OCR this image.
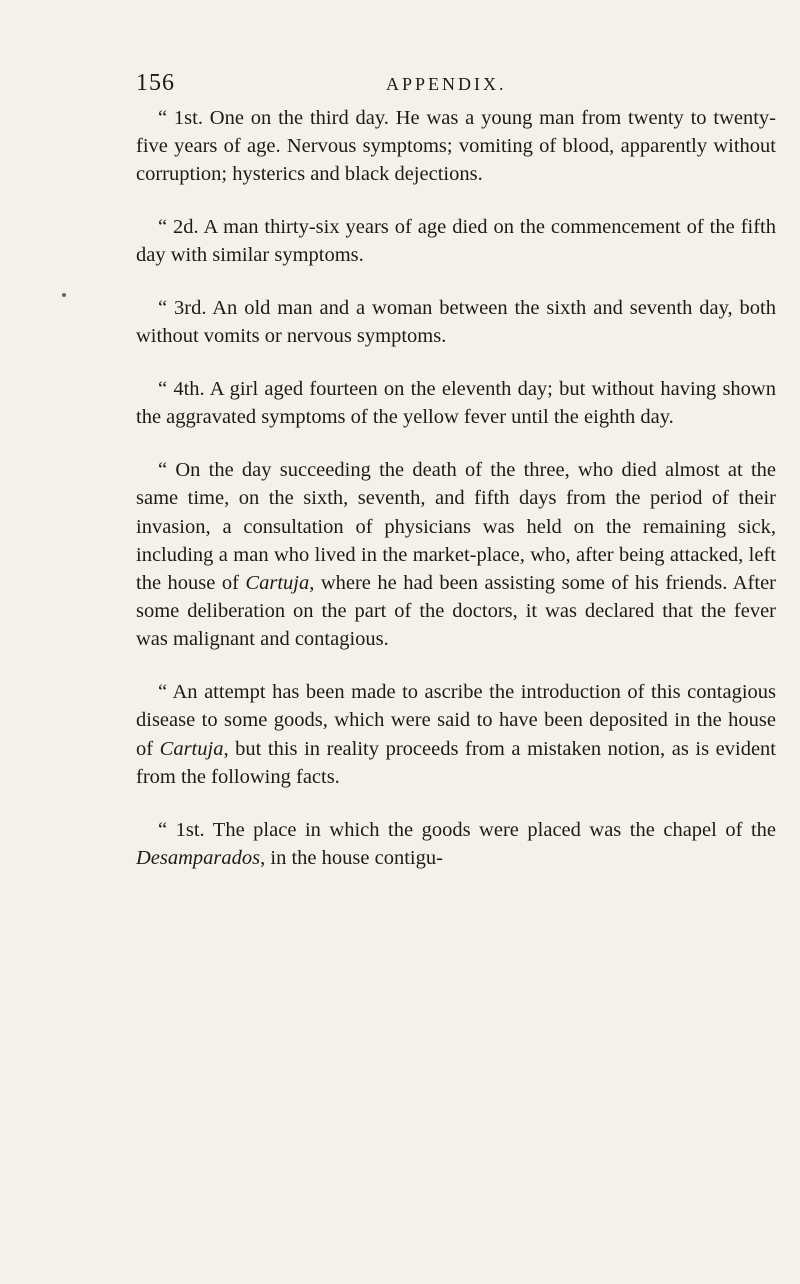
156	APPENDIX.

“ 1st. One on the third day. He was a young man from twenty to twenty-five years of age. Nervous symptoms; vomiting of blood, apparently without corruption; hysterics and black dejections.

“ 2d. A man thirty-six years of age died on the commencement of the fifth day with similar symptoms.

“ 3rd. An old man and a woman between the sixth and seventh day, both without vomits or nervous symptoms.

“ 4th. A girl aged fourteen on the eleventh day; but without having shown the aggravated symptoms of the yellow fever until the eighth day.

“ On the day succeeding the death of the three, who died almost at the same time, on the sixth, seventh, and fifth days from the period of their invasion, a consultation of physicians was held on the remaining sick, including a man who lived in the market-place, who, after being attacked, left the house of Cartuja, where he had been assisting some of his friends. After some deliberation on the part of the doctors, it was declared that the fever was malignant and contagious.

“ An attempt has been made to ascribe the introduction of this contagious disease to some goods, which were said to have been deposited in the house of Cartuja, but this in reality proceeds from a mistaken notion, as is evident from the following facts.

“ 1st. The place in which the goods were placed was the chapel of the Desamparados, in the house contigu-
